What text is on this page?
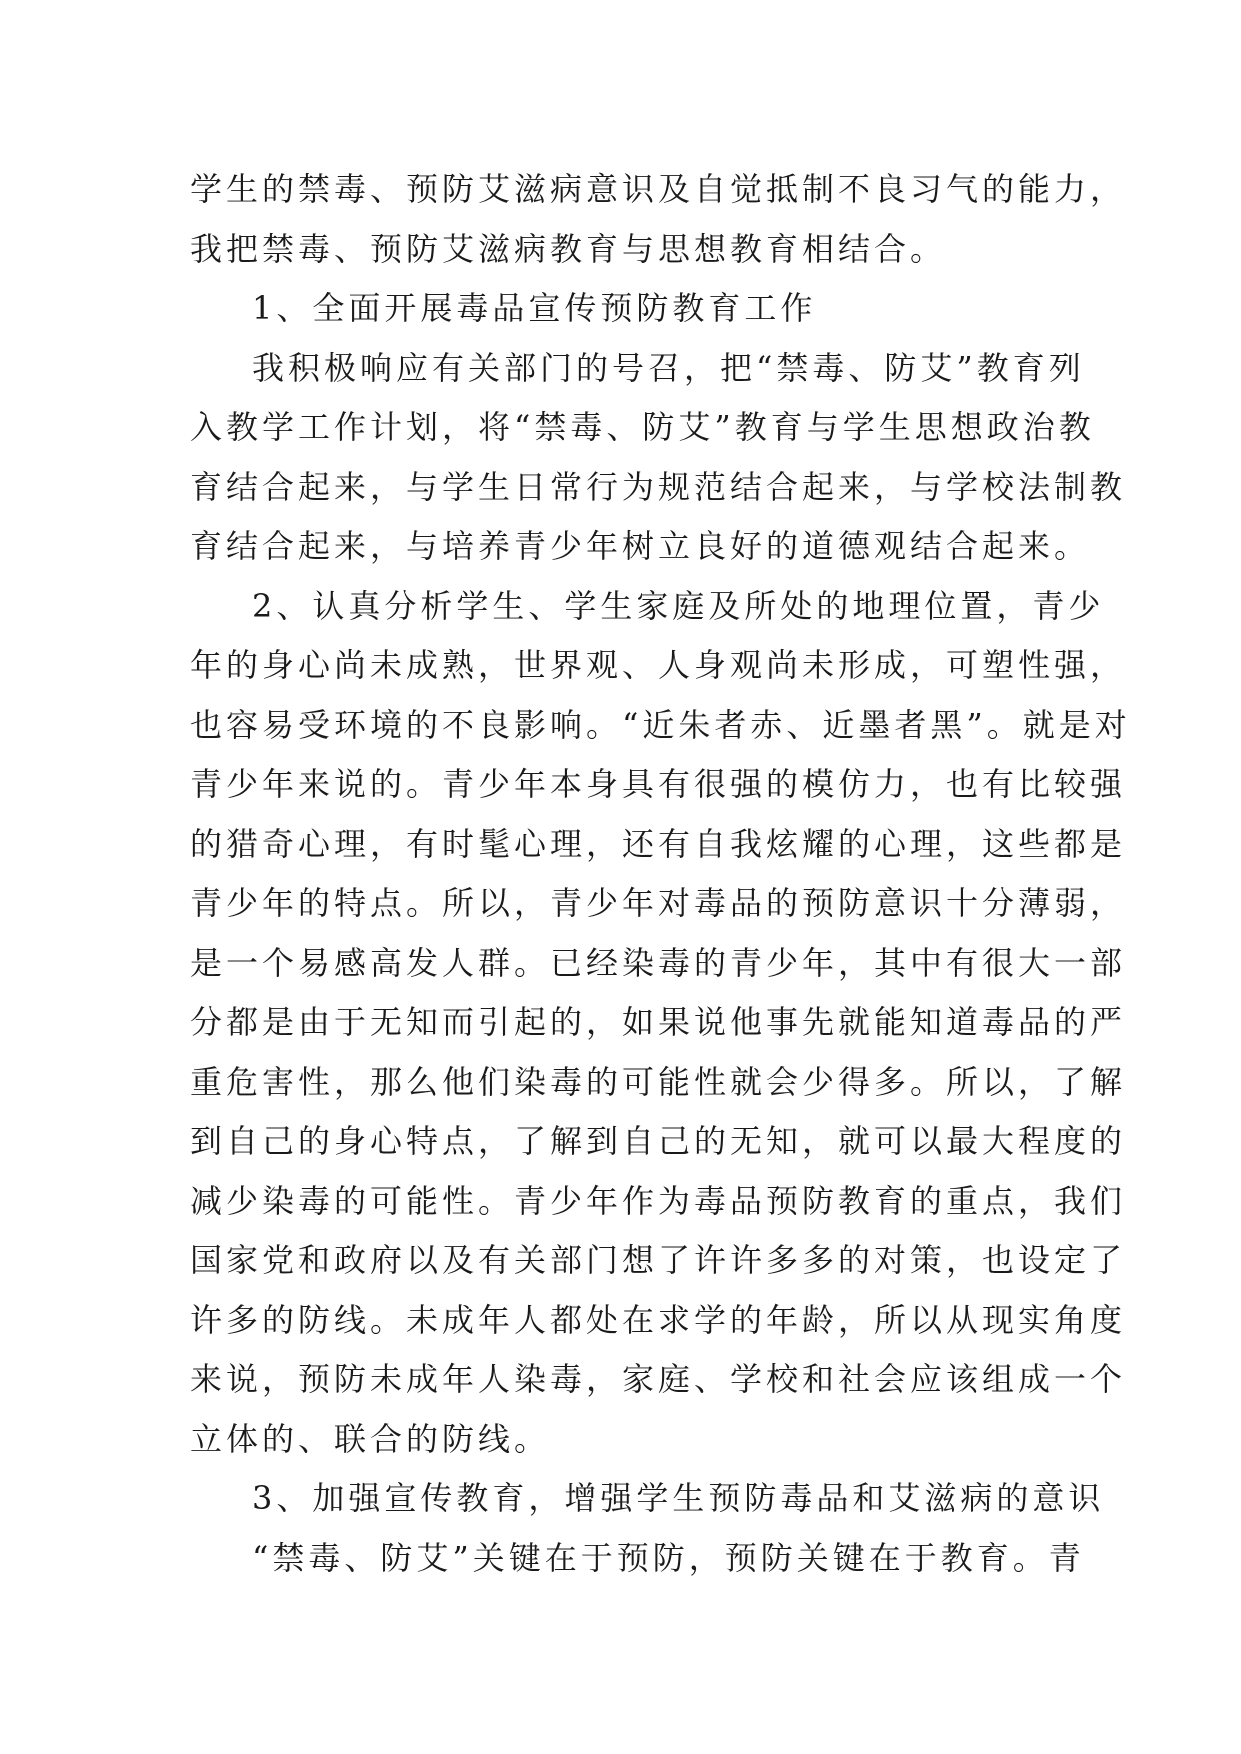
学生的禁毒、预防艾滋病意识及自觉抵制不良习气的能力，
我把禁毒、预防艾滋病教育与思想教育相结合。
1、全面开展毒品宣传预防教育工作
我积极响应有关部门的号召，把“禁毒、防艾”教育列
入教学工作计划，将“禁毒、防艾”教育与学生思想政治教
育结合起来，与学生日常行为规范结合起来，与学校法制教
育结合起来，与培养青少年树立良好的道德观结合起来。
2、认真分析学生、学生家庭及所处的地理位置，青少
年的身心尚未成熟，世界观、人身观尚未形成，可塑性强，
也容易受环境的不良影响。“近朱者赤、近墨者黑”。就是对
青少年来说的。青少年本身具有很强的模仿力，也有比较强
的猎奇心理，有时髦心理，还有自我炫耀的心理，这些都是
青少年的特点。所以，青少年对毒品的预防意识十分薄弱，
是一个易感高发人群。已经染毒的青少年，其中有很大一部
分都是由于无知而引起的，如果说他事先就能知道毒品的严
重危害性，那么他们染毒的可能性就会少得多。所以，了解
到自己的身心特点，了解到自己的无知，就可以最大程度的
减少染毒的可能性。青少年作为毒品预防教育的重点，我们
国家党和政府以及有关部门想了许许多多的对策，也设定了
许多的防线。未成年人都处在求学的年龄，所以从现实角度
来说，预防未成年人染毒，家庭、学校和社会应该组成一个
立体的、联合的防线。
3、加强宣传教育，增强学生预防毒品和艾滋病的意识
“禁毒、防艾”关键在于预防，预防关键在于教育。青
